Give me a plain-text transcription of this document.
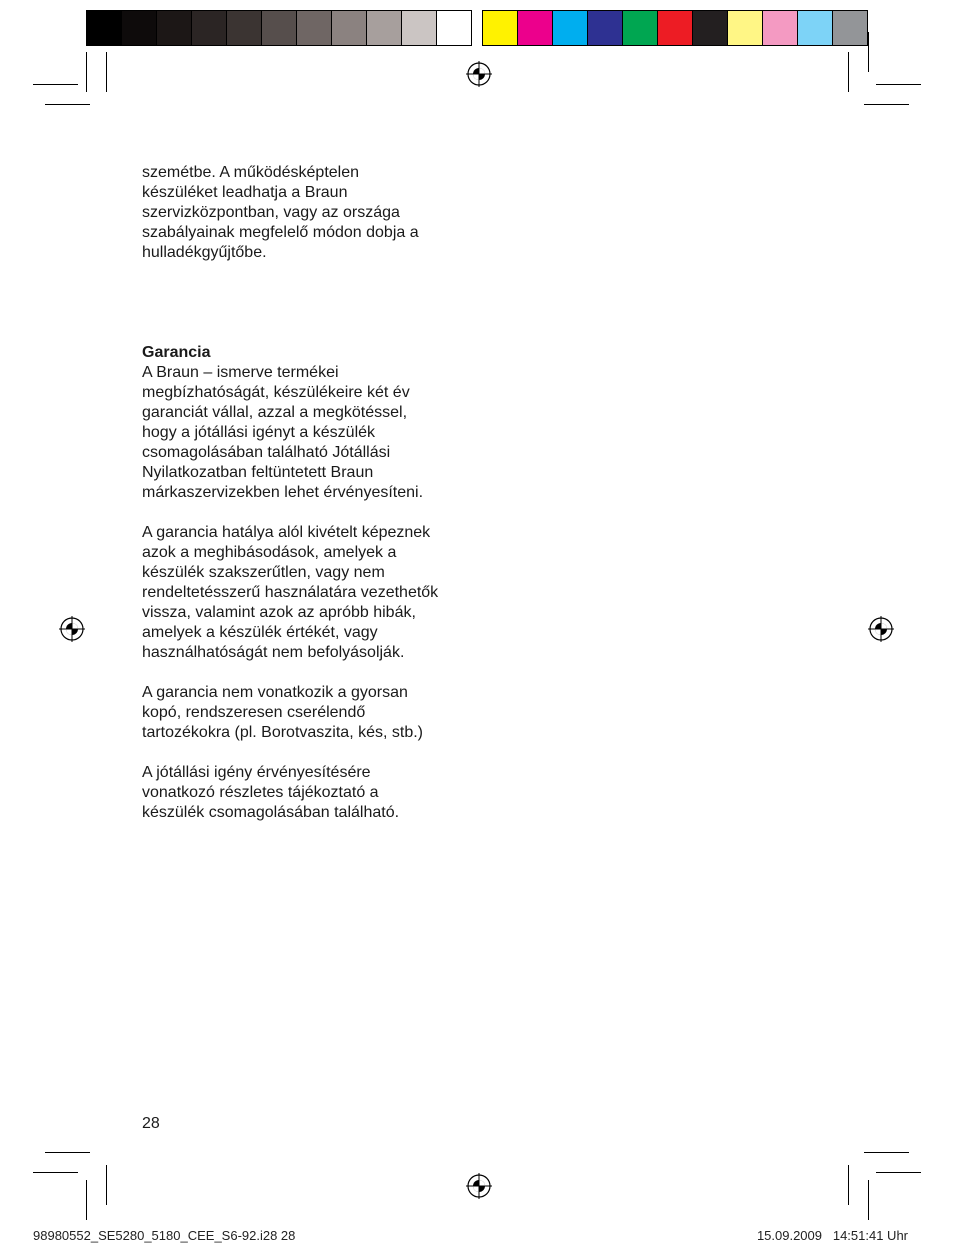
szemétbe. A működésképtelen
készüléket leadhatja a Braun
szervizközpontban, vagy az országa
szabályainak megfelelő módon dobja a
hulladékgyűjtőbe.

Garancia

A Braun – ismerve termékei
megbízhatóságát, készülékeire két év
garanciát vállal, azzal a megkötéssel,
hogy a jótállási igényt a készülék
csomagolásában található Jótállási
Nyilatkozatban feltüntetett Braun
márkaszervizekben lehet érvényesíteni.

A garancia hatálya alól kivételt képeznek
azok a meghibásodások, amelyek a
készülék szakszerűtlen, vagy nem
rendeltetésszerű használatára vezethetők
vissza, valamint azok az apróbb hibák,
amelyek a készülék értékét, vagy
használhatóságát nem befolyásolják.

A garancia nem vonatkozik a gyorsan
kopó, rendszeresen cserélendő
tartozékokra (pl. Borotvaszita, kés, stb.)

A jótállási igény érvényesítésére
vonatkozó részletes tájékoztató a
készülék csomagolásában található.

28
98980552_SE5280_5180_CEE_S6-92.i28 28	15.09.2009   14:51:41 Uhr
